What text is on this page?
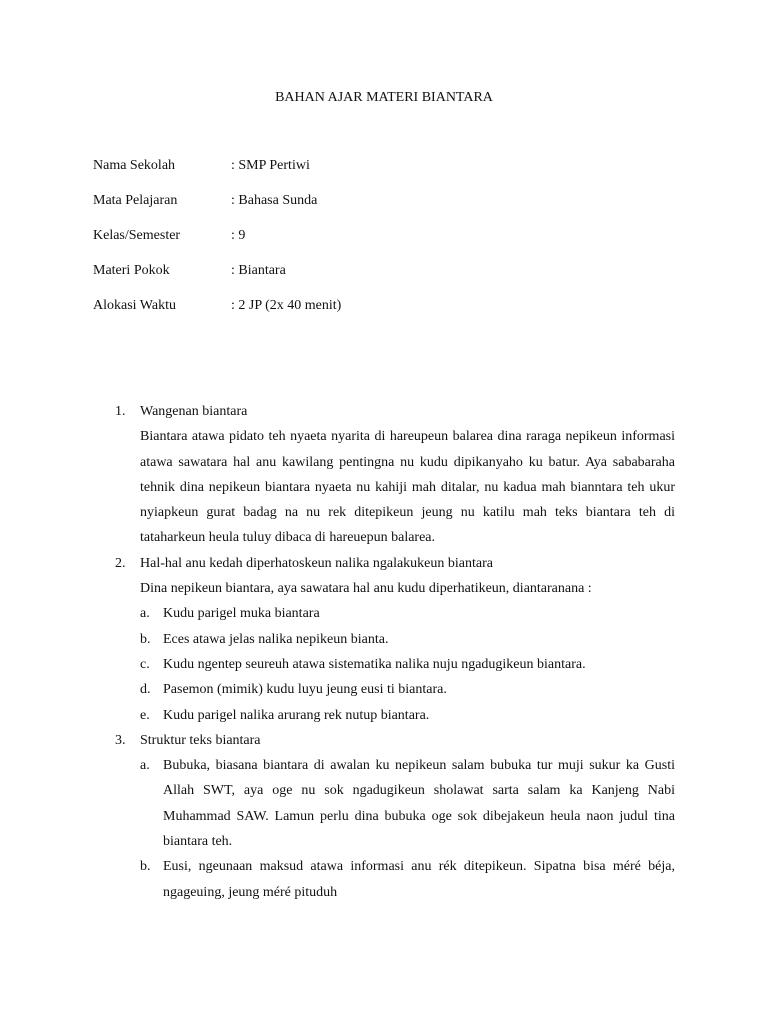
BAHAN AJAR MATERI BIANTARA
Nama Sekolah	: SMP Pertiwi
Mata Pelajaran	: Bahasa Sunda
Kelas/Semester	: 9
Materi Pokok	: Biantara
Alokasi Waktu	: 2 JP (2x 40 menit)
1. Wangenan biantara
Biantara atawa pidato teh nyaeta nyarita di hareupeun balarea dina raraga nepikeun informasi atawa sawatara hal anu kawilang pentingna nu kudu dipikanyaho ku batur. Aya sababaraha tehnik dina nepikeun biantara nyaeta nu kahiji mah ditalar, nu kadua mah bianntara teh ukur nyiapkeun gurat badag na nu rek ditepikeun jeung nu katilu mah teks biantara teh di tataharkeun heula tuluy dibaca di hareuepun balarea.
2. Hal-hal anu kedah diperhatoskeun nalika ngalakukeun biantara
Dina nepikeun biantara, aya sawatara hal anu kudu diperhatikeun, diantaranana :
a. Kudu parigel muka biantara
b. Eces atawa jelas nalika nepikeun bianta.
c. Kudu ngentep seureuh atawa sistematika nalika nuju ngadugikeun biantara.
d. Pasemon (mimik) kudu luyu jeung eusi ti biantara.
e. Kudu parigel nalika arurang rek nutup biantara.
3. Struktur teks biantara
a. Bubuka, biasana biantara di awalan ku nepikeun salam bubuka tur muji sukur ka Gusti Allah SWT, aya oge nu sok ngadugikeun sholawat sarta salam ka Kanjeng Nabi Muhammad SAW. Lamun perlu dina bubuka oge sok dibejakeun heula naon judul tina biantara teh.
b. Eusi, ngeunaan maksud atawa informasi anu rék ditepikeun. Sipatna bisa méré béja, ngageuing, jeung méré pituduh
